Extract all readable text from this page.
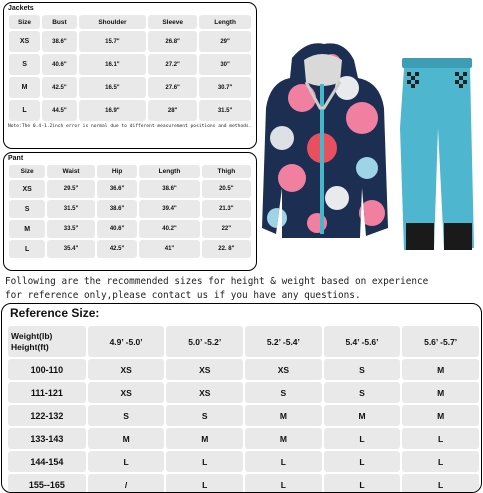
Jackets
Size	Bust	Shoulder	Sleeve	Length
XS	38.6"	15.7"	26.8"	29"
S	40.6"	16.1"	27.2"	30"
M	42.5"	16.5"	27.6"	30.7"
L	44.5"	16.9"	28"	31.5"
Note:The 0.4-1.2inch error is normal due to different measurement positions and methods.
Pant
Size	Waist	Hip	Length	Thigh
XS	29.5"	36.6"	38.6"	20.5"
S	31.5"	38.6"	39.4"	21.3"
M	33.5"	40.6"	40.2"	22"
L	35.4"	42.5"	41"	22. 8"
Following are the recommended sizes for height & weight based on experience
for reference only,please contact us if you have any questions.
Reference Size:
Weight(lb)
Height(ft)	4.9’ -5.0’	5.0’ -5.2’	5.2’ -5.4’	5.4’ -5.6’	5.6’ -5.7’
100-110	XS	XS	XS	S	M
111-121	XS	XS	S	S	M
122-132	S	S	M	M	M
133-143	M	M	M	L	L
144-154	L	L	L	L	L
155--165	/	L	L	L	L
